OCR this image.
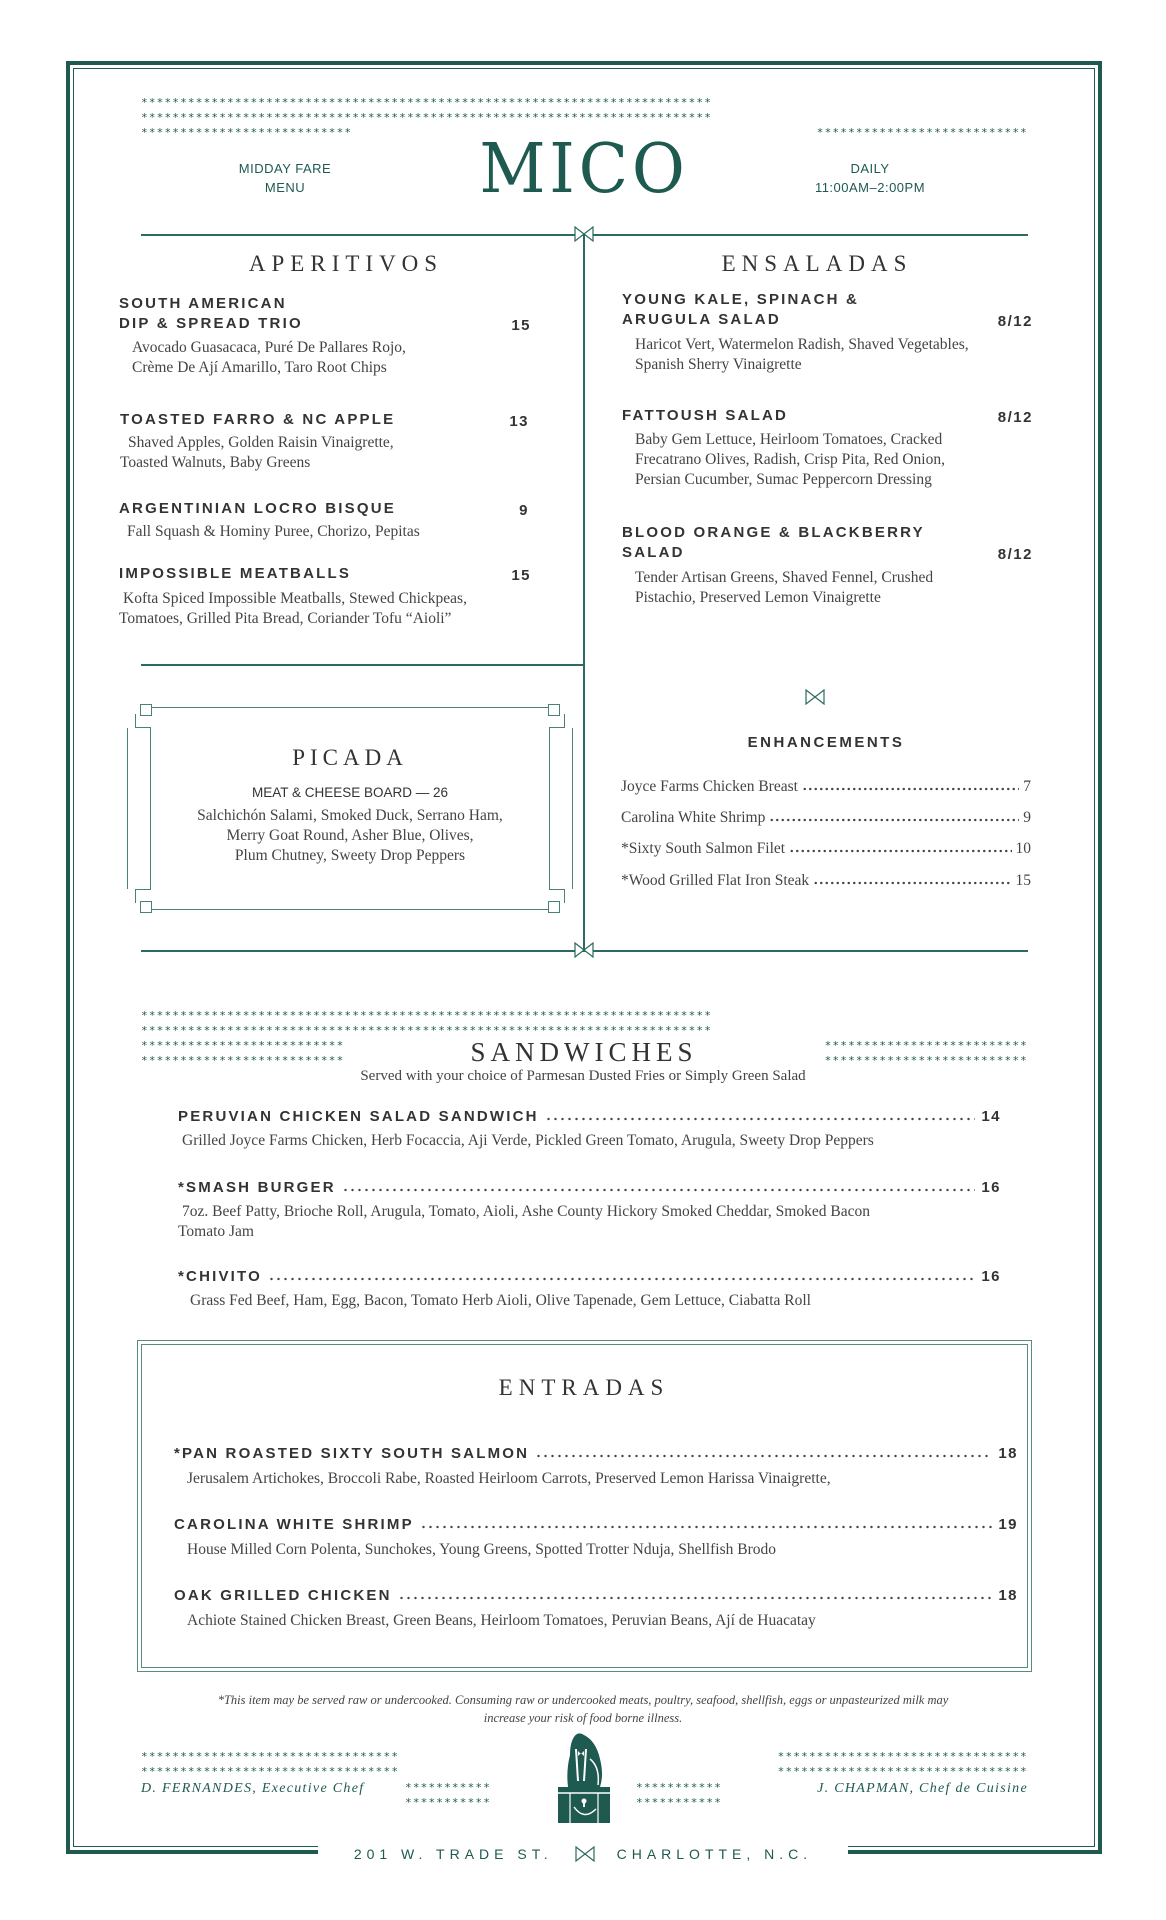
*************************************************************************
*************************************************************************
***************************	***************************
MIDDAY FARE
MENU	MICO	DAILY
11:00AM–2:00PM
APERITIVOS
SOUTH AMERICAN
DIP & SPREAD TRIO	15
Avocado Guasacaca, Puré De Pallares Rojo,
Crème De Ají Amarillo, Taro Root Chips
TOASTED FARRO & NC APPLE	13
Shaved Apples, Golden Raisin Vinaigrette,
Toasted Walnuts, Baby Greens
ARGENTINIAN LOCRO BISQUE	9
Fall Squash & Hominy Puree, Chorizo, Pepitas
IMPOSSIBLE MEATBALLS	15
Kofta Spiced Impossible Meatballs, Stewed Chickpeas,
Tomatoes, Grilled Pita Bread, Coriander Tofu “Aioli”
ENSALADAS
YOUNG KALE, SPINACH &
ARUGULA SALAD	8/12
Haricot Vert, Watermelon Radish, Shaved Vegetables,
Spanish Sherry Vinaigrette
FATTOUSH SALAD	8/12
Baby Gem Lettuce, Heirloom Tomatoes, Cracked
Frecatrano Olives, Radish, Crisp Pita, Red Onion,
Persian Cucumber, Sumac Peppercorn Dressing
BLOOD ORANGE & BLACKBERRY
SALAD	8/12
Tender Artisan Greens, Shaved Fennel, Crushed
Pistachio, Preserved Lemon Vinaigrette
PICADA
MEAT & CHEESE BOARD — 26
Salchichón Salami, Smoked Duck, Serrano Ham,
Merry Goat Round, Asher Blue, Olives,
Plum Chutney, Sweety Drop Peppers
ENHANCEMENTS
Joyce Farms Chicken Breast	7
Carolina White Shrimp	9
*Sixty South Salmon Filet	10
*Wood Grilled Flat Iron Steak	15
*************************************************************************
*************************************************************************
**************************
**************************
**************************
**************************
SANDWICHES
Served with your choice of Parmesan Dusted Fries or Simply Green Salad
PERUVIAN CHICKEN SALAD SANDWICH	14
Grilled Joyce Farms Chicken, Herb Focaccia, Aji Verde, Pickled Green Tomato, Arugula, Sweety Drop Peppers
*SMASH BURGER	16
7oz. Beef Patty, Brioche Roll, Arugula, Tomato, Aioli, Ashe County Hickory Smoked Cheddar, Smoked Bacon
Tomato Jam
*CHIVITO	16
Grass Fed Beef, Ham, Egg, Bacon, Tomato Herb Aioli, Olive Tapenade, Gem Lettuce, Ciabatta Roll
ENTRADAS
*PAN ROASTED SIXTY SOUTH SALMON	18
Jerusalem Artichokes, Broccoli Rabe, Roasted Heirloom Carrots, Preserved Lemon Harissa Vinaigrette,
CAROLINA WHITE SHRIMP	19
House Milled Corn Polenta, Sunchokes, Young Greens, Spotted Trotter Nduja, Shellfish Brodo
OAK GRILLED CHICKEN	18
Achiote Stained Chicken Breast, Green Beans, Heirloom Tomatoes, Peruvian Beans, Ají de Huacatay
*This item may be served raw or undercooked. Consuming raw or undercooked meats, poultry, seafood, shellfish, eggs or unpasteurized milk may
increase your risk of food borne illness.
*********************************
*********************************
***********
***********
********************************
********************************
***********
***********
D. FERNANDES, Executive Chef	J. CHAPMAN, Chef de Cuisine
201 W. TRADE ST.	CHARLOTTE, N.C.
